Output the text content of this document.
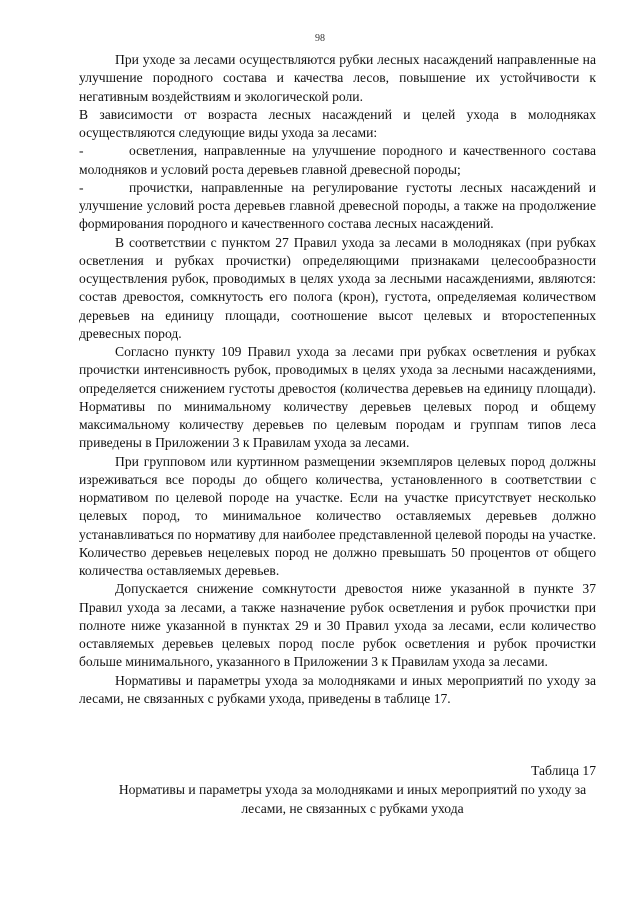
98

При уходе за лесами осуществляются рубки лесных насаждений направленные на улучшение породного состава и качества лесов, повышение их устойчивости к негативным воздействиям и экологической роли.

В зависимости от возраста лесных насаждений и целей ухода в молодняках осуществляются следующие виды ухода за лесами:

-	осветления, направленные на улучшение породного и качественного состава молодняков и условий роста деревьев главной древесной породы;

-	прочистки, направленные на регулирование густоты лесных насаждений и улучшение условий роста деревьев главной древесной породы, а также на продолжение формирования породного и качественного состава лесных насаждений.

В соответствии с пунктом 27 Правил ухода за лесами в молодняках (при рубках осветления и рубках прочистки) определяющими признаками целесообразности осуществления рубок, проводимых в целях ухода за лесными насаждениями, являются: состав древостоя, сомкнутость его полога (крон), густота, определяемая количеством деревьев на единицу площади, соотношение высот целевых и второстепенных древесных пород.

Согласно пункту 109 Правил ухода за лесами при рубках осветления и рубках прочистки интенсивность рубок, проводимых в целях ухода за лесными насаждениями, определяется снижением густоты древостоя (количества деревьев на единицу площади). Нормативы по минимальному количеству деревьев целевых пород и общему максимальному количеству деревьев по целевым породам и группам типов леса приведены в Приложении 3 к Правилам ухода за лесами.

При групповом или куртинном размещении экземпляров целевых пород должны изреживаться все породы до общего количества, установленного в соответствии с нормативом по целевой породе на участке. Если на участке присутствует несколько целевых пород, то минимальное количество оставляемых деревьев должно устанавливаться по нормативу для наиболее представленной целевой породы на участке. Количество деревьев нецелевых пород не должно превышать 50 процентов от общего количества оставляемых деревьев.

Допускается снижение сомкнутости древостоя ниже указанной в пункте 37 Правил ухода за лесами, а также назначение рубок осветления и рубок прочистки при полноте ниже указанной в пунктах 29 и 30 Правил ухода за лесами, если количество оставляемых деревьев целевых пород после рубок осветления и рубок прочистки больше минимального, указанного в Приложении 3 к Правилам ухода за лесами.

Нормативы и параметры ухода за молодняками и иных мероприятий по уходу за лесами, не связанных с рубками ухода, приведены в таблице 17.

Таблица 17
Нормативы и параметры ухода за молодняками и иных мероприятий по уходу за лесами, не связанных с рубками ухода
